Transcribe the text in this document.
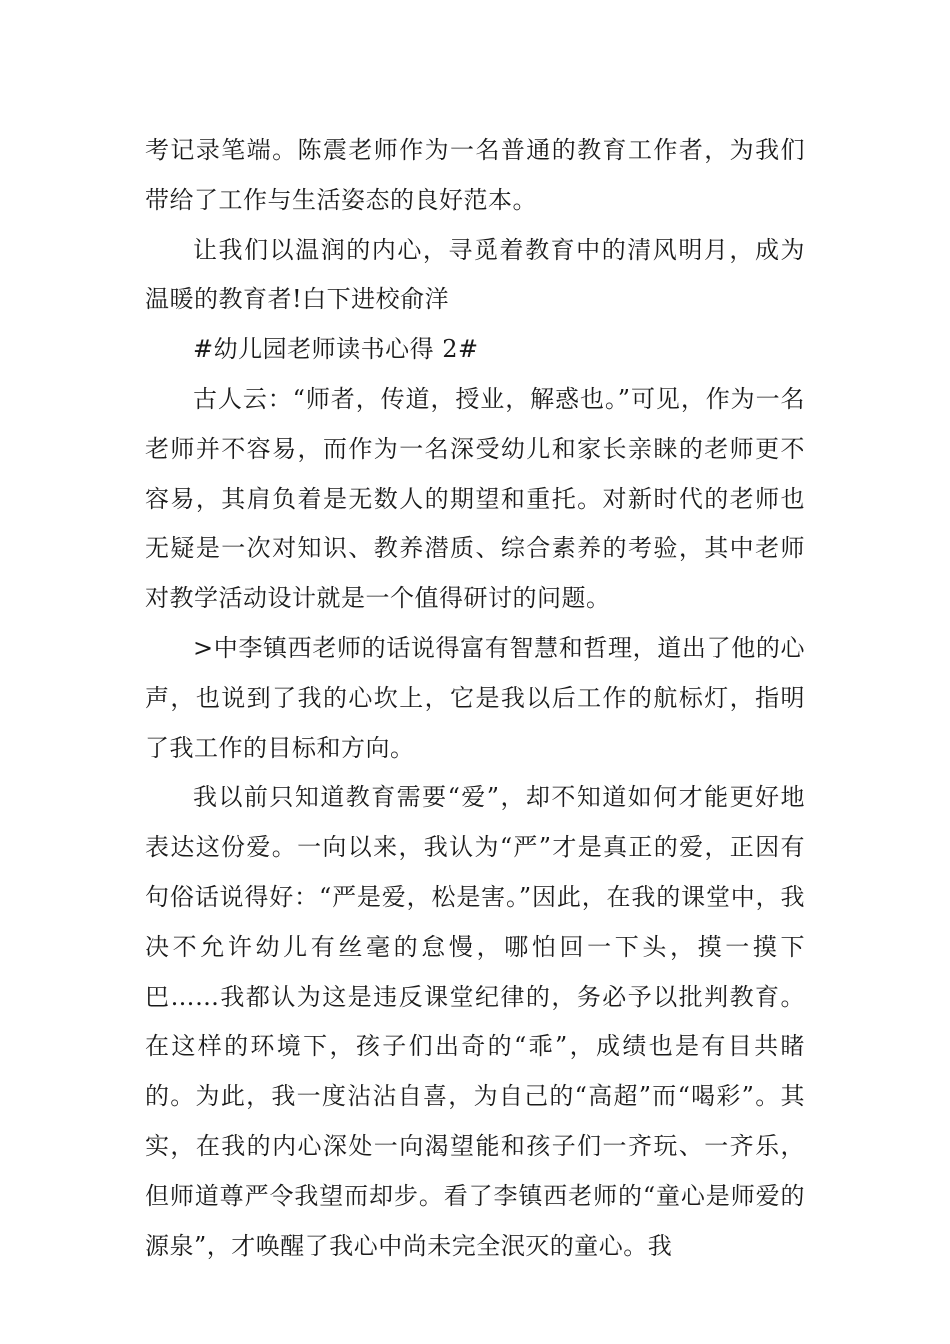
考记录笔端。陈震老师作为一名普通的教育工作者，为我们带给了工作与生活姿态的良好范本。

让我们以温润的内心，寻觅着教育中的清风明月，成为温暖的教育者!白下进校俞洋

#幼儿园老师读书心得 2#

古人云：“师者，传道，授业，解惑也。”可见，作为一名老师并不容易，而作为一名深受幼儿和家长亲睐的老师更不容易，其肩负着是无数人的期望和重托。对新时代的老师也无疑是一次对知识、教养潜质、综合素养的考验，其中老师对教学活动设计就是一个值得研讨的问题。

>中李镇西老师的话说得富有智慧和哲理，道出了他的心声，也说到了我的心坎上，它是我以后工作的航标灯，指明了我工作的目标和方向。

我以前只知道教育需要“爱”，却不知道如何才能更好地表达这份爱。一向以来，我认为“严”才是真正的爱，正因有句俗话说得好：“严是爱，松是害。”因此，在我的课堂中，我决不允许幼儿有丝毫的怠慢，哪怕回一下头，摸一摸下巴……我都认为这是违反课堂纪律的，务必予以批判教育。在这样的环境下，孩子们出奇的“乖”，成绩也是有目共睹的。为此，我一度沾沾自喜，为自己的“高超”而“喝彩”。其实，在我的内心深处一向渴望能和孩子们一齐玩、一齐乐，但师道尊严令我望而却步。看了李镇西老师的“童心是师爱的源泉”，才唤醒了我心中尚未完全泯灭的童心。我
